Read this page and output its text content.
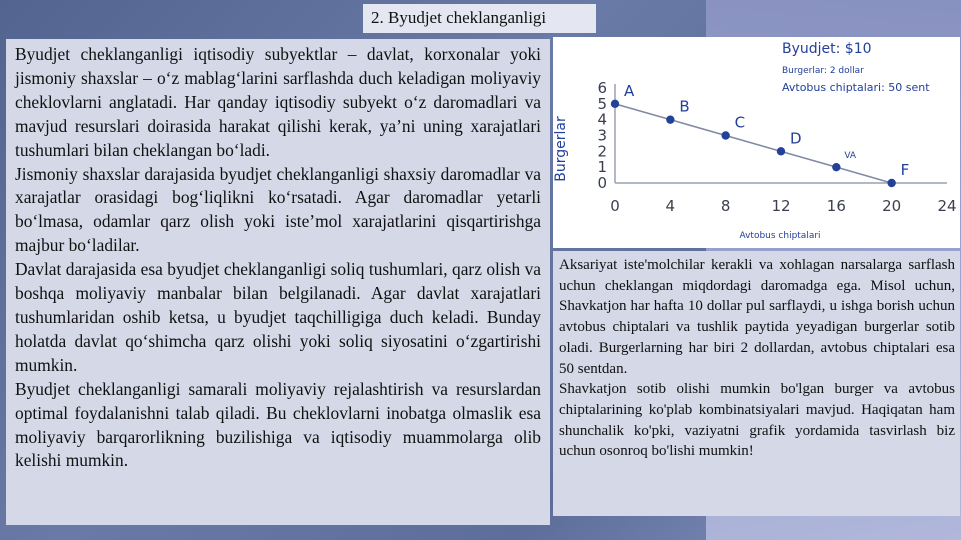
2. Byudjet cheklanganligi

Byudjet cheklanganligi iqtisodiy subyektlar – davlat, korxonalar yoki jismoniy shaxslar – o‘z mablag‘larini sarflashda duch keladigan moliyaviy cheklovlarni anglatadi. Har qanday iqtisodiy subyekt o‘z daromadlari va mavjud resurslari doirasida harakat qilishi kerak, ya’ni uning xarajatlari tushumlari bilan cheklangan bo‘ladi.

Jismoniy shaxslar darajasida byudjet cheklanganligi shaxsiy daromadlar va xarajatlar orasidagi bog‘liqlikni ko‘rsatadi. Agar daromadlar yetarli bo‘lmasa, odamlar qarz olish yoki iste’mol xarajatlarini qisqartirishga majbur bo‘ladilar.

Davlat darajasida esa byudjet cheklanganligi soliq tushumlari, qarz olish va boshqa moliyaviy manbalar bilan belgilanadi. Agar davlat xarajatlari tushumlaridan oshib ketsa, u byudjet taqchilligiga duch keladi. Bunday holatda davlat qo‘shimcha qarz olishi yoki soliq siyosatini o‘zgartirishi mumkin.

Byudjet cheklanganligi samarali moliyaviy rejalashtirish va resurslardan optimal foydalanishni talab qiladi. Bu cheklovlarni inobatga olmaslik esa moliyaviy barqarorlikning buzilishiga va iqtisodiy muammolarga olib kelishi mumkin.

0
1
2
3
4
5
6
0	4	8	12 16 20 24
A
B
C
D
VA
F
Burgerlar
Avtobus chiptalari
Byudjet: $10
Burgerlar: 2 dollar
Avtobus chiptalari: 50 sent

Aksariyat iste'molchilar kerakli va xohlagan narsalarga sarflash uchun cheklangan miqdordagi daromadga ega. Misol uchun, Shavkatjon har hafta 10 dollar pul sarflaydi, u ishga borish uchun avtobus chiptalari va tushlik paytida yeyadigan burgerlar sotib oladi. Burgerlarning har biri 2 dollardan, avtobus chiptalari esa 50 sentdan.

Shavkatjon sotib olishi mumkin bo'lgan burger va avtobus chiptalarining ko'plab kombinatsiyalari mavjud. Haqiqatan ham shunchalik ko'pki, vaziyatni grafik yordamida tasvirlash biz uchun osonroq bo'lishi mumkin!
